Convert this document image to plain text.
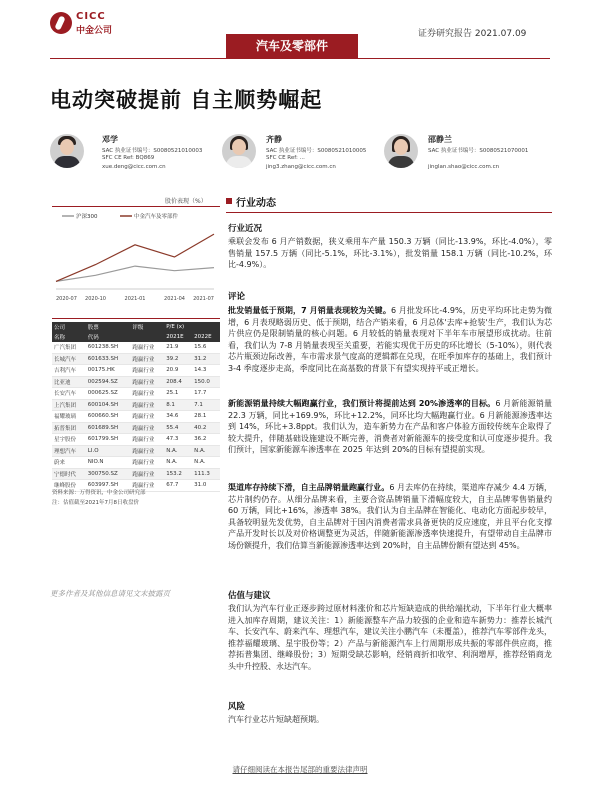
CICC
中金公司
汽车及零部件
证券研究报告 2021.07.09
电动突破提前 自主顺势崛起
邓学
SAC 执业证书编号：S0080521010003
SFC CE Ref: BQ869
xue.deng@cicc.com.cn
齐静
SAC 执业证书编号：S0080521010005
SFC CE Ref: ...
jing3.zhang@cicc.com.cn
邵静兰
SAC 执业证书编号：S0080521070001
jinglan.shao@cicc.com.cn
股价表现（%）
沪深300	中金汽车及零部件
2020-07 2020-10	2021-01	2021-04 2021-07
公司	股票	评级	P/E (x)	
名称	代码		2021E	2022E
广汽集团	601238.SH	跑赢行业	21.9	15.6
长城汽车	601633.SH	跑赢行业	39.2	31.2
吉利汽车	00175.HK	跑赢行业	20.9	14.3
比亚迪	002594.SZ	跑赢行业	208.4	150.0
长安汽车	000625.SZ	跑赢行业	25.1	17.7
上汽集团	600104.SH	跑赢行业	8.1	7.1
福耀玻璃	600660.SH	跑赢行业	34.6	28.1
拓普集团	601689.SH	跑赢行业	55.4	40.2
星宇股份	601799.SH	跑赢行业	47.3	36.2
理想汽车	LI.O	跑赢行业	N.A.	N.A.
蔚来	NIO.N	跑赢行业	N.A.	N.A.
宁德时代	300750.SZ	跑赢行业	153.2	111.3
继峰股份	603997.SH	跑赢行业	67.7	31.0
资料来源：万得资讯，中金公司研究部
注：估值截至2021年7月8日收盘价
更多作者及其他信息请见文末披露页
行业动态
行业近况
乘联会发布 6 月产销数据，狭义乘用车产量 150.3 万辆（同比-13.9%，环比-4.0%），零售销量 157.5 万辆（同比-5.1%，环比-3.1%），批发销量 158.1 万辆（同比-10.2%，环比-4.9%）。
评论
批发销量低于预期，7 月销量表现较为关键。6 月批发环比-4.9%，历史平均环比走势为微增，6 月表现略弱历史、低于预期，结合产销来看，6 月总体'去库+抢装'生产，我们认为芯片供应仍是限制销量的核心问题。6 月较低的销量表现对下半年车市展望形成扰动。往前看，我们认为 7-8 月销量表现至关重要，若能实现优于历史的环比增长（5-10%），则代表芯片瓶颈边际改善，车市需求景气度高的逻辑都在兑现，在旺季加库存的基础上，我们预计 3-4 季度逐步走高，季度同比在高基数的背景下有望实现持平或正增长。
新能源销量持续大幅跑赢行业，我们预计将提前达到 20%渗透率的目标。6 月新能源销量 22.3 万辆，同比+169.9%，环比+12.2%，同环比均大幅跑赢行业。6 月新能源渗透率达到 14%，环比+3.8ppt。我们认为，造车新势力在产品和客户体验方面较传统车企取得了较大提升，伴随基础设施建设不断完善，消费者对新能源车的接受度和认可度逐步提升。我们预计，国家新能源车渗透率在 2025 年达到 20%的目标有望提前实现。
渠道库存持续下滑，自主品牌销量跑赢行业。6 月去库仍在持续，渠道库存减少 4.4 万辆，芯片制约仍存。从细分品牌来看，主要合资品牌销量下滑幅度较大，自主品牌零售销量约 60 万辆，同比+16%，渗透率 38%。我们认为自主品牌在智能化、电动化方面起步较早，具备较明显先发优势，自主品牌对于国内消费者需求具备更快的反应速度，并且平台化支撑产品开发时长以及对价格调整更为灵活，伴随新能源渗透率快速提升，有望带动自主品牌市场份额提升，我们估算当新能源渗透率达到 20%时，自主品牌份额有望达到 45%。
估值与建议
我们认为汽车行业正逐步跨过原材料涨价和芯片短缺造成的供给端扰动，下半年行业大概率进入加库存周期，建议关注：1）新能源整车产品力较强的企业和造车新势力：推荐长城汽车、长安汽车、蔚来汽车、理想汽车，建议关注小鹏汽车（未覆盖），推荐汽车零部件龙头，推荐福耀玻璃、星宇股份等；2）产品与新能源汽车上行周期形成共振的零部件供应商，推荐拓普集团、继峰股份；3）短期受缺芯影响，经销商折扣收窄、利润增厚，推荐经销商龙头中升控股、永达汽车。
风险
汽车行业芯片短缺超预期。
请仔细阅读在本报告尾部的重要法律声明
